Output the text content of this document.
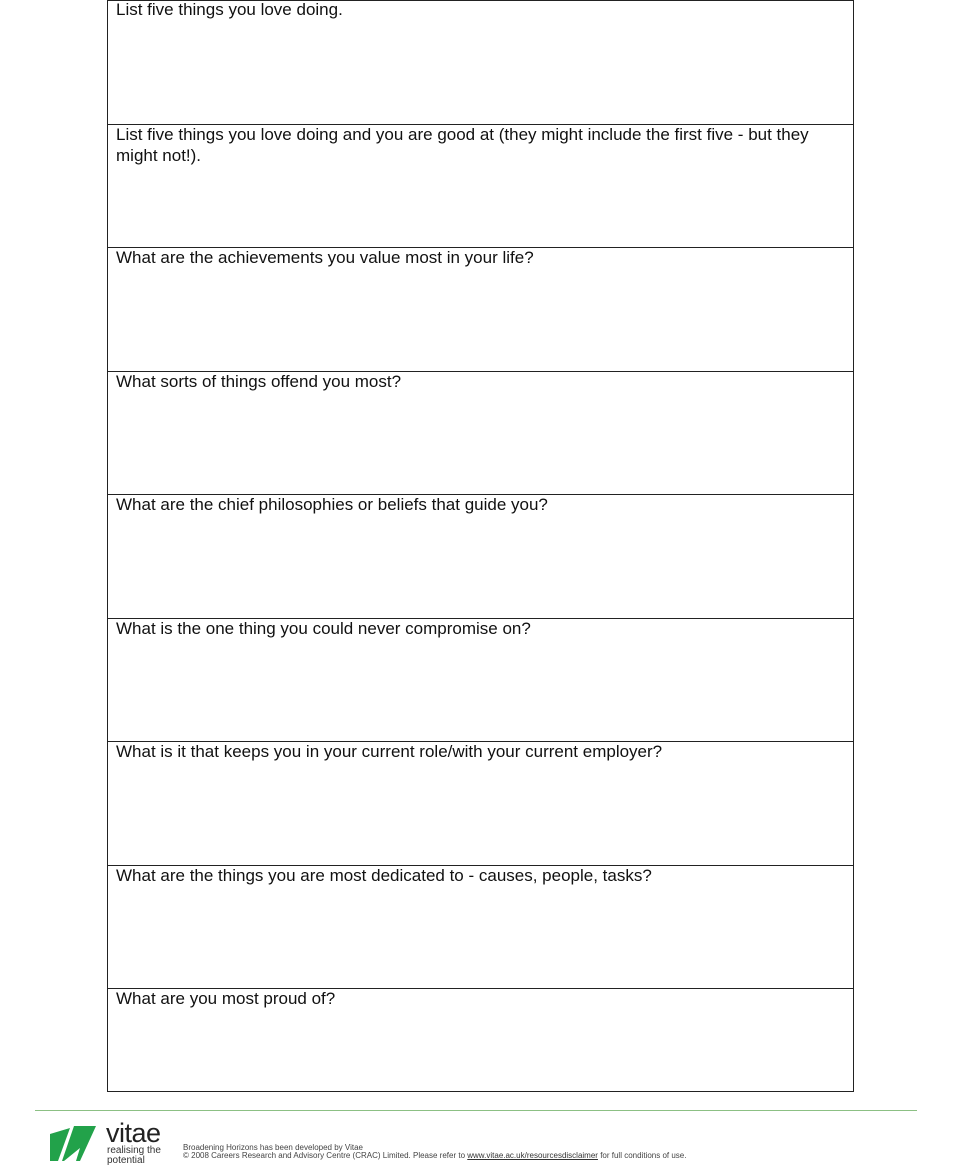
List five things you love doing.

List five things you love doing and you are good at (they might include the first five - but they might not!).

What are the achievements you value most in your life?

What sorts of things offend you most?

What are the chief philosophies or beliefs that guide you?

What is the one thing you could never compromise on?

What is it that keeps you in your current role/with your current employer?

What are the things you are most dedicated to - causes, people, tasks?

What are you most proud of?

vitae
realising the potential
Broadening Horizons has been developed by Vitae
© 2008 Careers Research and Advisory Centre (CRAC) Limited. Please refer to www.vitae.ac.uk/resourcesdisclaimer for full conditions of use.
